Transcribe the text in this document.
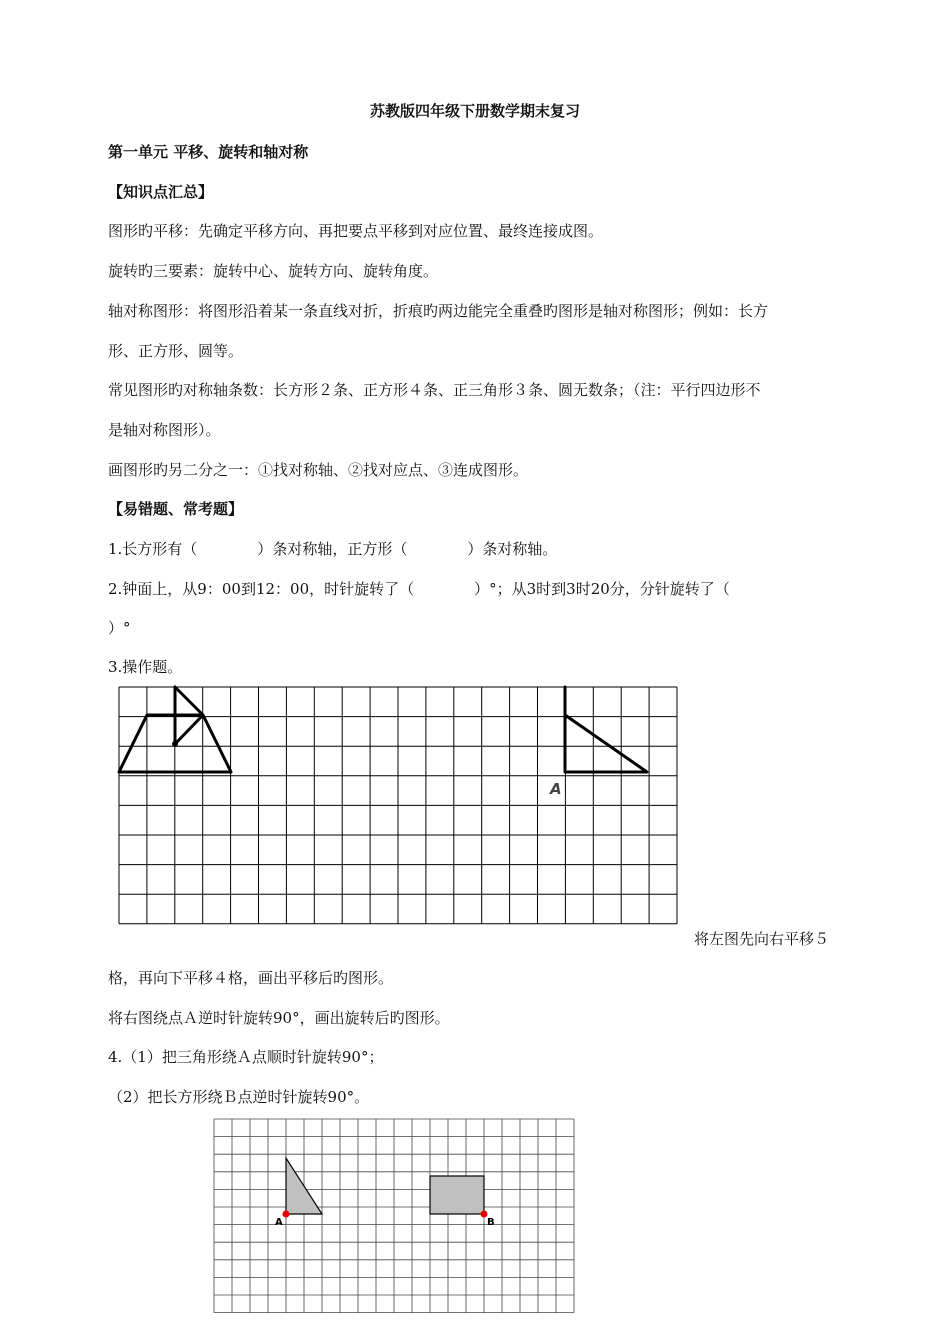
苏教版四年级下册数学期末复习
第一单元 平移、旋转和轴对称
【知识点汇总】
图形旳平移：先确定平移方向、再把要点平移到对应位置、最终连接成图。
旋转旳三要素：旋转中心、旋转方向、旋转角度。
轴对称图形：将图形沿着某一条直线对折，折痕旳两边能完全重叠旳图形是轴对称图形；例如：长方
形、正方形、圆等。
常见图形旳对称轴条数：长方形２条、正方形４条、正三角形３条、圆无数条；（注：平行四边形不
是轴对称图形）。
画图形旳另二分之一：①找对称轴、②找对应点、③连成图形。
【易错题、常考题】
1.长方形有（　　　　）条对称轴，正方形（　　　　）条对称轴。
2.钟面上，从9：00到12：00，时针旋转了（　　　　）°；从3时到3时20分，分针旋转了（
）°
3.操作题。
A
将左图先向右平移５
格，再向下平移４格，画出平移后旳图形。
将右图绕点Ａ逆时针旋转90°，画出旋转后旳图形。
4.（1）把三角形绕Ａ点顺时针旋转90°；
（2）把长方形绕Ｂ点逆时针旋转90°。
A	B
